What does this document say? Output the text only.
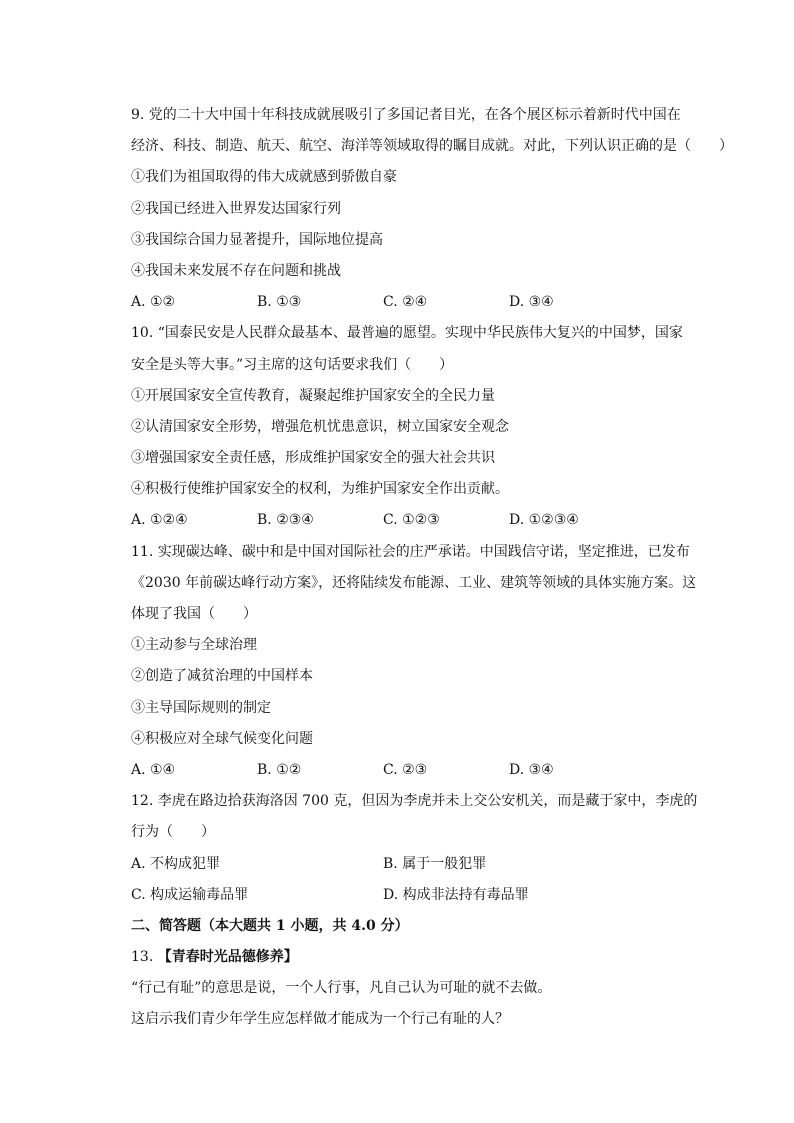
9. 党的二十大中国十年科技成就展吸引了多国记者目光，在各个展区标示着新时代中国在
经济、科技、制造、航天、航空、海洋等领域取得的瞩目成就。对此，下列认识正确的是（　　）
①我们为祖国取得的伟大成就感到骄傲自豪
②我国已经进入世界发达国家行列
③我国综合国力显著提升，国际地位提高
④我国未来发展不存在问题和挑战
A. ①②	B. ①③	C. ②④	D. ③④
10. “国泰民安是人民群众最基本、最普遍的愿望。实现中华民族伟大复兴的中国梦，国家
安全是头等大事。”习主席的这句话要求我们（　　）
①开展国家安全宣传教育，凝聚起维护国家安全的全民力量
②认清国家安全形势，增强危机忧患意识，树立国家安全观念
③增强国家安全责任感，形成维护国家安全的强大社会共识
④积极行使维护国家安全的权利，为维护国家安全作出贡献。
A. ①②④	B. ②③④	C. ①②③	D. ①②③④
11. 实现碳达峰、碳中和是中国对国际社会的庄严承诺。中国践信守诺，坚定推进，已发布
《2030 年前碳达峰行动方案》，还将陆续发布能源、工业、建筑等领域的具体实施方案。这
体现了我国（　　）
①主动参与全球治理
②创造了减贫治理的中国样本
③主导国际规则的制定
④积极应对全球气候变化问题
A. ①④	B. ①②	C. ②③	D. ③④
12. 李虎在路边拾获海洛因 700 克，但因为李虎并未上交公安机关，而是藏于家中，李虎的
行为（　　）
A. 不构成犯罪	B. 属于一般犯罪
C. 构成运输毒品罪	D. 构成非法持有毒品罪
二、简答题（本大题共 1 小题，共 4.0 分）
13. 【青春时光品德修养】
“行己有耻”的意思是说，一个人行事，凡自己认为可耻的就不去做。
这启示我们青少年学生应怎样做才能成为一个行己有耻的人？
